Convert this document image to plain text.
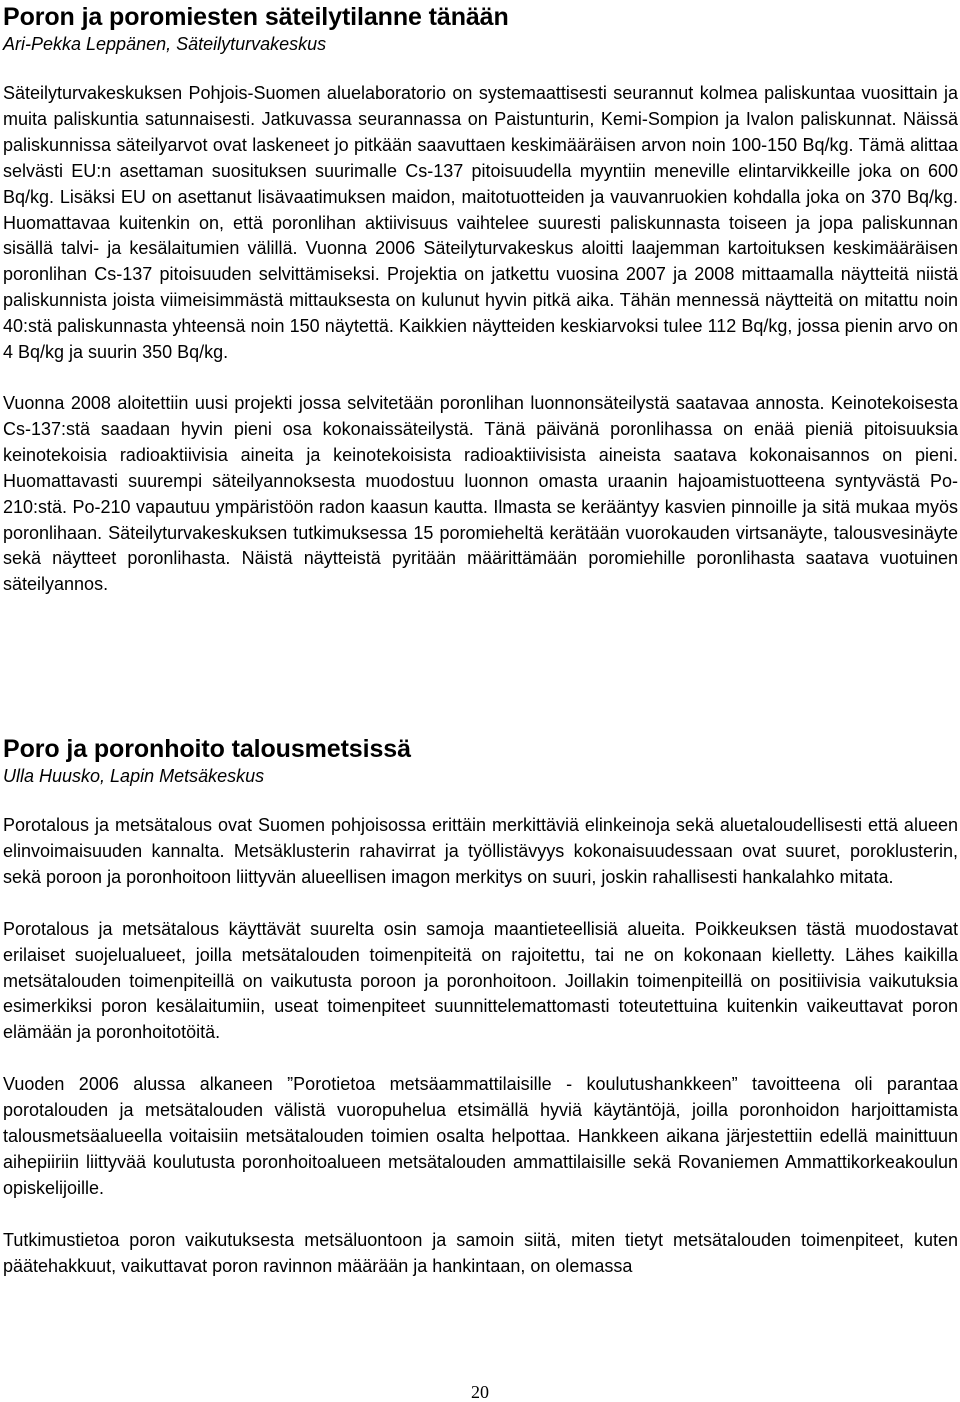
Poron ja poromiesten säteilytilanne tänään
Ari-Pekka Leppänen, Säteilyturvakeskus

Säteilyturvakeskuksen Pohjois-Suomen aluelaboratorio on systemaattisesti seurannut kolmea paliskuntaa vuosittain ja muita paliskuntia satunnaisesti. Jatkuvassa seurannassa on Paistunturin, Kemi-Sompion ja Ivalon paliskunnat. Näissä paliskunnissa säteilyarvot ovat laskeneet jo pitkään saavuttaen keskimääräisen arvon noin 100-150 Bq/kg. Tämä alittaa selvästi EU:n asettaman suosituksen suurimalle Cs-137 pitoisuudella myyntiin meneville elintarvikkeille joka on 600 Bq/kg. Lisäksi EU on asettanut lisävaatimuksen maidon, maitotuotteiden ja vauvanruokien kohdalla joka on 370 Bq/kg. Huomattavaa kuitenkin on, että poronlihan aktiivisuus vaihtelee suuresti paliskunnasta toiseen ja jopa paliskunnan sisällä talvi- ja kesälaitumien välillä. Vuonna 2006 Säteilyturvakeskus aloitti laajemman kartoituksen keskimääräisen poronlihan Cs-137 pitoisuuden selvittämiseksi. Projektia on jatkettu vuosina 2007 ja 2008 mittaamalla näytteitä niistä paliskunnista joista viimeisimmästä mittauksesta on kulunut hyvin pitkä aika. Tähän mennessä näytteitä on mitattu noin 40:stä paliskunnasta yhteensä noin 150 näytettä. Kaikkien näytteiden keskiarvoksi tulee 112 Bq/kg, jossa pienin arvo on 4 Bq/kg ja suurin 350 Bq/kg.

Vuonna 2008 aloitettiin uusi projekti jossa selvitetään poronlihan luonnonsäteilystä saatavaa annosta. Keinotekoisesta Cs-137:stä saadaan hyvin pieni osa kokonaissäteilystä. Tänä päivänä poronlihassa on enää pieniä pitoisuuksia keinotekoisia radioaktiivisia aineita ja keinotekoisista radioaktiivisista aineista saatava kokonaisannos on pieni. Huomattavasti suurempi säteilyannoksesta muodostuu luonnon omasta uraanin hajoamistuotteena syntyvästä Po-210:stä. Po-210 vapautuu ympäristöön radon kaasun kautta. Ilmasta se kerääntyy kasvien pinnoille ja sitä mukaa myös poronlihaan. Säteilyturvakeskuksen tutkimuksessa 15 poromieheltä kerätään vuorokauden virtsanäyte, talousvesinäyte sekä näytteet poronlihasta. Näistä näytteistä pyritään määrittämään poromiehille poronlihasta saatava vuotuinen säteilyannos.

Poro ja poronhoito talousmetsissä
Ulla Huusko, Lapin Metsäkeskus

Porotalous ja metsätalous ovat Suomen pohjoisossa erittäin merkittäviä elinkeinoja sekä aluetaloudellisesti että alueen elinvoimaisuuden kannalta. Metsäklusterin rahavirrat ja työllistävyys kokonaisuudessaan ovat suuret, poroklusterin, sekä poroon ja poronhoitoon liittyvän alueellisen imagon merkitys on suuri, joskin rahallisesti hankalahko mitata.

Porotalous ja metsätalous käyttävät suurelta osin samoja maantieteellisiä alueita. Poikkeuksen tästä muodostavat erilaiset suojelualueet, joilla metsätalouden toimenpiteitä on rajoitettu, tai ne on kokonaan kielletty. Lähes kaikilla metsätalouden toimenpiteillä on vaikutusta poroon ja poronhoitoon. Joillakin toimenpiteillä on positiivisia vaikutuksia esimerkiksi poron kesälaitumiin, useat toimenpiteet suunnittelemattomasti toteutettuina kuitenkin vaikeuttavat poron elämään ja poronhoitotöitä.

Vuoden 2006 alussa alkaneen ”Porotietoa metsäammattilaisille - koulutushankkeen” tavoitteena oli parantaa porotalouden ja metsätalouden välistä vuoropuhelua etsimällä hyviä käytäntöjä, joilla poronhoidon harjoittamista talousmetsäalueella voitaisiin metsätalouden toimien osalta helpottaa. Hankkeen aikana järjestettiin edellä mainittuun aihepiiriin liittyvää koulutusta poronhoitoalueen metsätalouden ammattilaisille sekä Rovaniemen Ammattikorkeakoulun opiskelijoille.

Tutkimustietoa poron vaikutuksesta metsäluontoon ja samoin siitä, miten tietyt metsätalouden toimenpiteet, kuten päätehakkuut, vaikuttavat poron ravinnon määrään ja hankintaan, on olemassa

20
